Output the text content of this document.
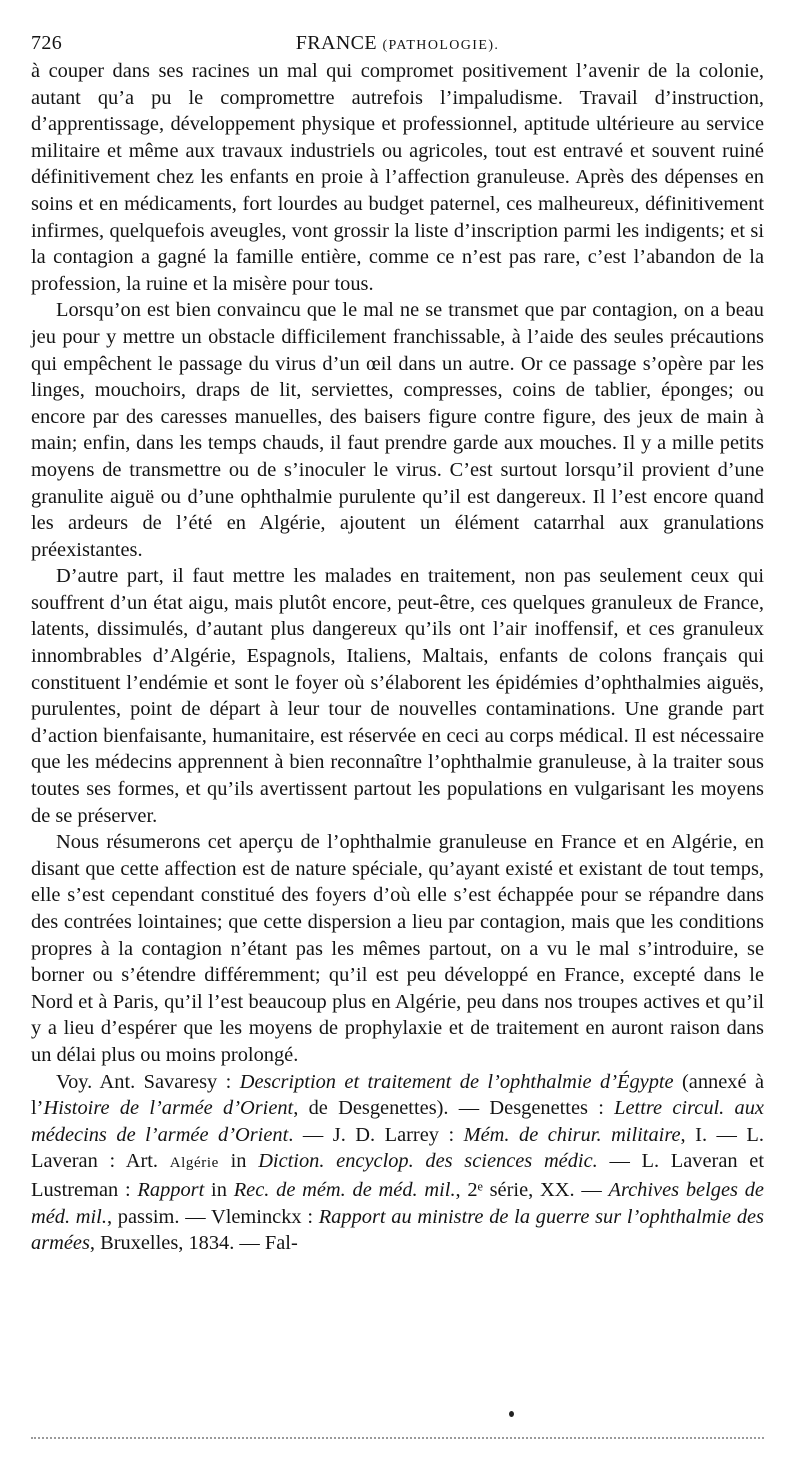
726	FRANCE (PATHOLOGIE).

à couper dans ses racines un mal qui compromet positivement l’avenir de la colonie, autant qu’a pu le compromettre autrefois l’impaludisme. Travail d’instruction, d’apprentissage, développement physique et professionnel, aptitude ultérieure au service militaire et même aux travaux industriels ou agricoles, tout est entravé et souvent ruiné définitivement chez les enfants en proie à l’affection granuleuse. Après des dépenses en soins et en médicaments, fort lourdes au budget paternel, ces malheureux, définitivement infirmes, quelquefois aveugles, vont grossir la liste d’inscription parmi les indigents; et si la contagion a gagné la famille entière, comme ce n’est pas rare, c’est l’abandon de la profession, la ruine et la misère pour tous.

Lorsqu’on est bien convaincu que le mal ne se transmet que par contagion, on a beau jeu pour y mettre un obstacle difficilement franchissable, à l’aide des seules précautions qui empêchent le passage du virus d’un œil dans un autre. Or ce passage s’opère par les linges, mouchoirs, draps de lit, serviettes, compresses, coins de tablier, éponges; ou encore par des caresses manuelles, des baisers figure contre figure, des jeux de main à main; enfin, dans les temps chauds, il faut prendre garde aux mouches. Il y a mille petits moyens de transmettre ou de s’inoculer le virus. C’est surtout lorsqu’il provient d’une granulite aiguë ou d’une ophthalmie purulente qu’il est dangereux. Il l’est encore quand les ardeurs de l’été en Algérie, ajoutent un élément catarrhal aux granulations préexistantes.

D’autre part, il faut mettre les malades en traitement, non pas seulement ceux qui souffrent d’un état aigu, mais plutôt encore, peut-être, ces quelques granuleux de France, latents, dissimulés, d’autant plus dangereux qu’ils ont l’air inoffensif, et ces granuleux innombrables d’Algérie, Espagnols, Italiens, Maltais, enfants de colons français qui constituent l’endémie et sont le foyer où s’élaborent les épidémies d’ophthalmies aiguës, purulentes, point de départ à leur tour de nouvelles contaminations. Une grande part d’action bienfaisante, humanitaire, est réservée en ceci au corps médical. Il est nécessaire que les médecins apprennent à bien reconnaître l’ophthalmie granuleuse, à la traiter sous toutes ses formes, et qu’ils avertissent partout les populations en vulgarisant les moyens de se préserver.

Nous résumerons cet aperçu de l’ophthalmie granuleuse en France et en Algérie, en disant que cette affection est de nature spéciale, qu’ayant existé et existant de tout temps, elle s’est cependant constitué des foyers d’où elle s’est échappée pour se répandre dans des contrées lointaines; que cette dispersion a lieu par contagion, mais que les conditions propres à la contagion n’étant pas les mêmes partout, on a vu le mal s’introduire, se borner ou s’étendre différemment; qu’il est peu développé en France, excepté dans le Nord et à Paris, qu’il l’est beaucoup plus en Algérie, peu dans nos troupes actives et qu’il y a lieu d’espérer que les moyens de prophylaxie et de traitement en auront raison dans un délai plus ou moins prolongé.

Voy. Ant. Savaresy : Description et traitement de l’ophthalmie d’Égypte (annexé à l’Histoire de l’armée d’Orient, de Desgenettes). — Desgenettes : Lettre circul. aux médecins de l’armée d’Orient. — J. D. Larrey : Mém. de chirur. militaire, I. — L. Laveran : Art. Algérie in Diction. encyclop. des sciences médic. — L. Laveran et Lustreman : Rapport in Rec. de mém. de méd. mil., 2ᵉ série, XX. — Archives belges de méd. mil., passim. — Vleminckx : Rapport au ministre de la guerre sur l’ophthalmie des armées, Bruxelles, 1834. — Fal-
